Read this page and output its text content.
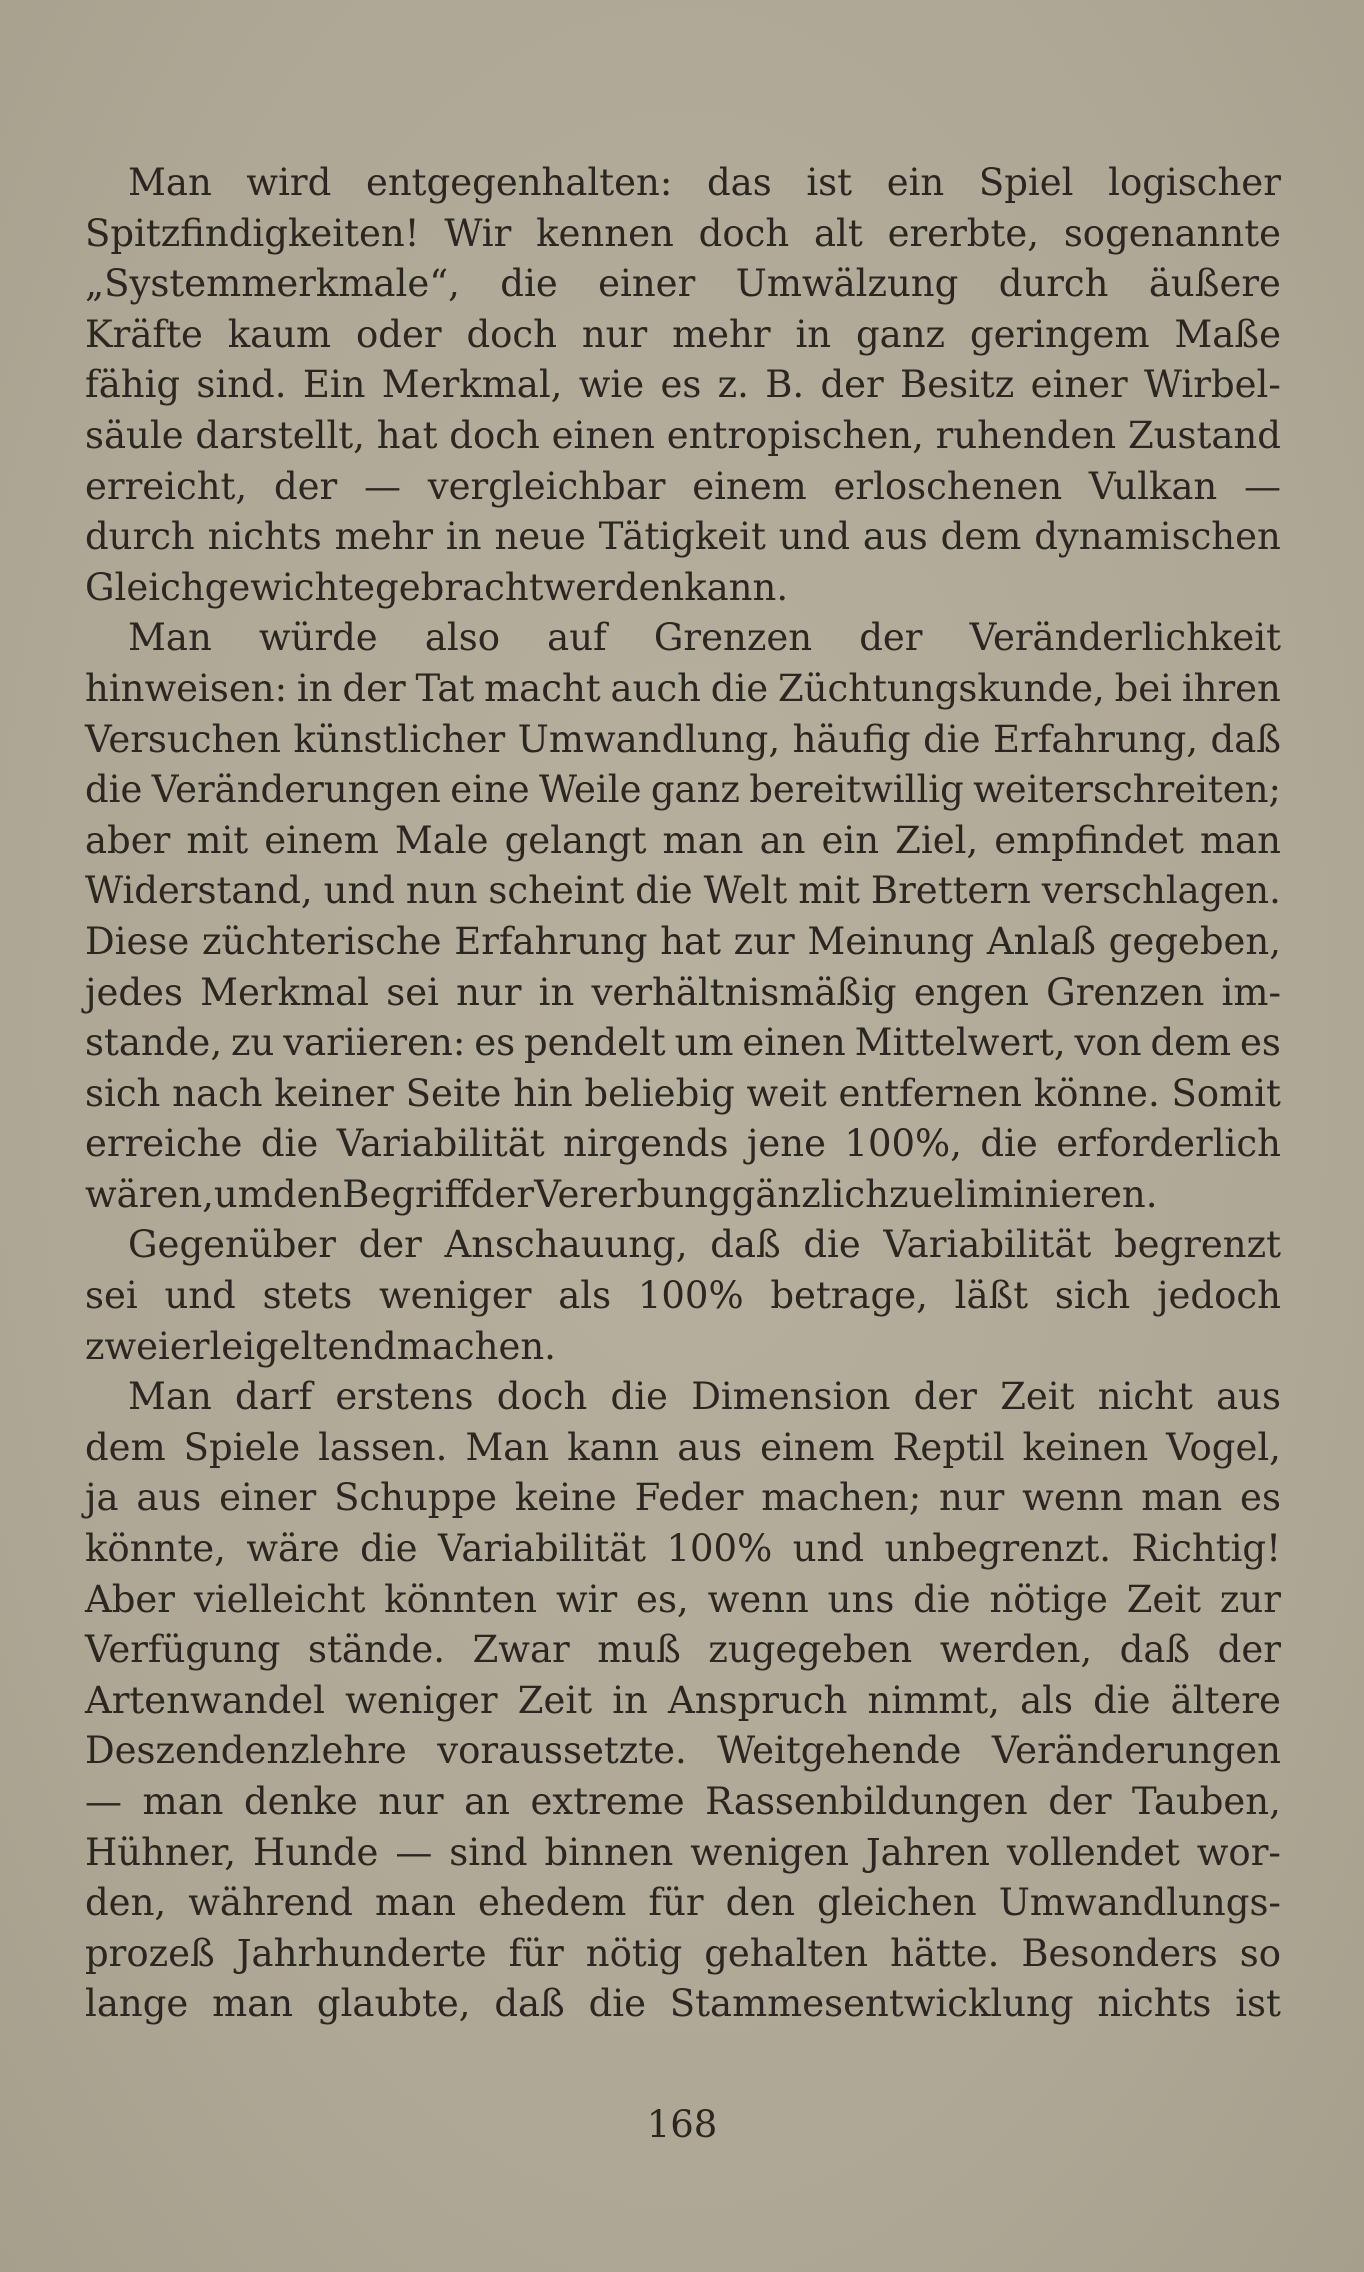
Man wird entgegenhalten: das ist ein Spiel logischer
Spitzfindigkeiten! Wir kennen doch alt ererbte, sogenannte
„Systemmerkmale“, die einer Umwälzung durch äußere
Kräfte kaum oder doch nur mehr in ganz geringem Maße
fähig sind. Ein Merkmal, wie es z. B. der Besitz einer Wirbel-
säule darstellt, hat doch einen entropischen, ruhenden Zustand
erreicht, der — vergleichbar einem erloschenen Vulkan —
durch nichts mehr in neue Tätigkeit und aus dem dynamischen
Gleichgewichte gebracht werden kann.
Man würde also auf Grenzen der Veränderlichkeit
hinweisen: in der Tat macht auch die Züchtungskunde, bei ihren
Versuchen künstlicher Umwandlung, häufig die Erfahrung, daß
die Veränderungen eine Weile ganz bereitwillig weiterschreiten;
aber mit einem Male gelangt man an ein Ziel, empfindet man
Widerstand, und nun scheint die Welt mit Brettern verschlagen.
Diese züchterische Erfahrung hat zur Meinung Anlaß gegeben,
jedes Merkmal sei nur in verhältnismäßig engen Grenzen im-
stande, zu variieren: es pendelt um einen Mittelwert, von dem es
sich nach keiner Seite hin beliebig weit entfernen könne. Somit
erreiche die Variabilität nirgends jene 100%, die erforderlich
wären, um den Begriff der Vererbung gänzlich zu eliminieren.
Gegenüber der Anschauung, daß die Variabilität begrenzt
sei und stets weniger als 100% betrage, läßt sich jedoch
zweierlei geltend machen.
Man darf erstens doch die Dimension der Zeit nicht aus
dem Spiele lassen. Man kann aus einem Reptil keinen Vogel,
ja aus einer Schuppe keine Feder machen; nur wenn man es
könnte, wäre die Variabilität 100% und unbegrenzt. Richtig!
Aber vielleicht könnten wir es, wenn uns die nötige Zeit zur
Verfügung stände. Zwar muß zugegeben werden, daß der
Artenwandel weniger Zeit in Anspruch nimmt, als die ältere
Deszendenzlehre voraussetzte. Weitgehende Veränderungen
— man denke nur an extreme Rassenbildungen der Tauben,
Hühner, Hunde — sind binnen wenigen Jahren vollendet wor-
den, während man ehedem für den gleichen Umwandlungs-
prozeß Jahrhunderte für nötig gehalten hätte. Besonders so
lange man glaubte, daß die Stammesentwicklung nichts ist
168
